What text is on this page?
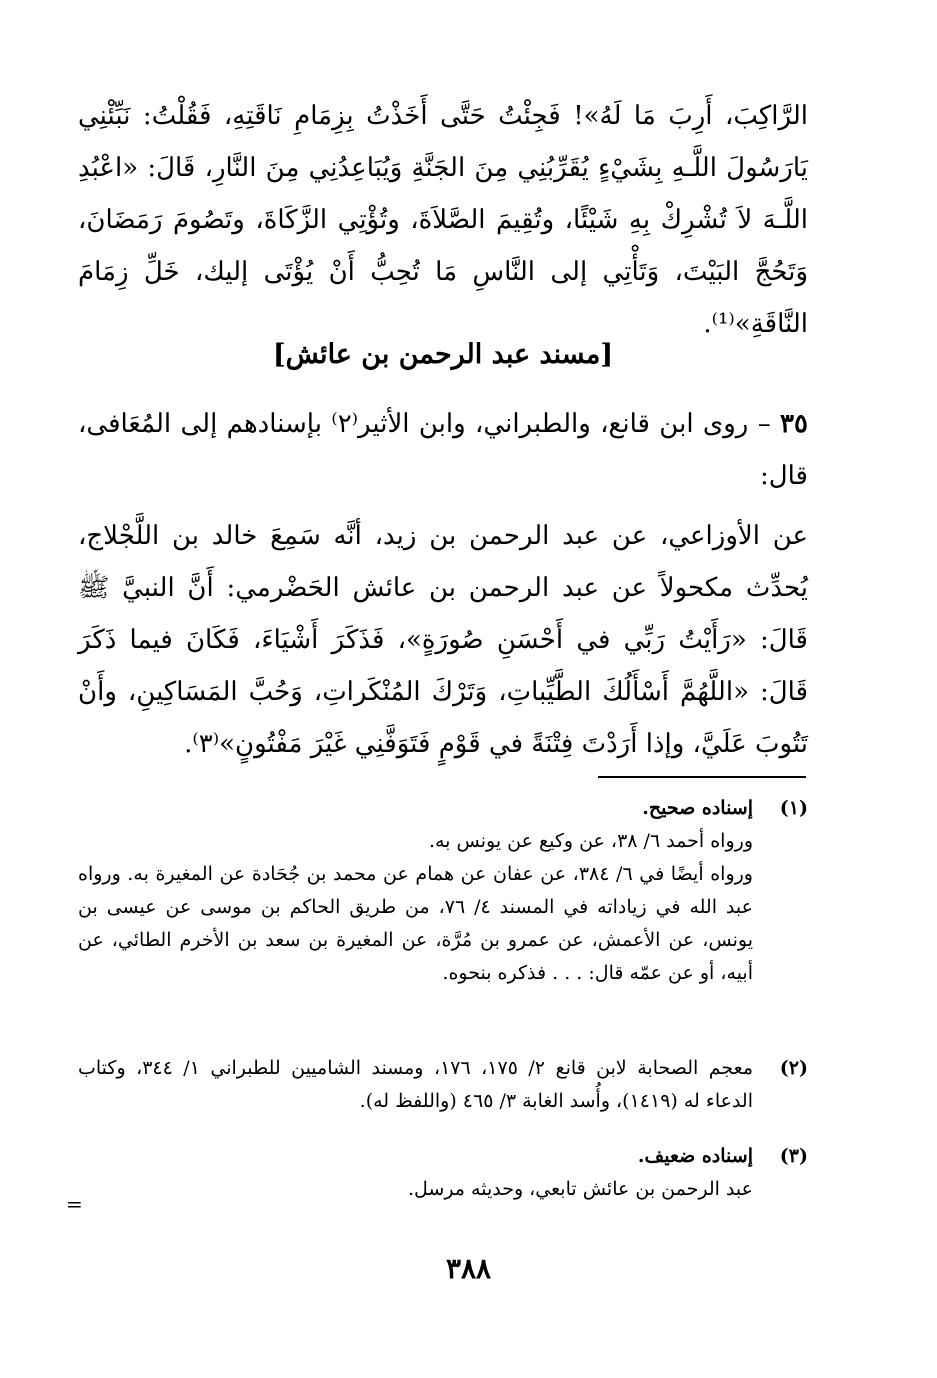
الرَّاكِبَ، أَرِبَ مَا لَهُ»! فَجِئْتُ حَتَّى أَخَذْتُ بِزِمَامِ نَاقَتِهِ، فَقُلْتُ: نَبِّئْنِي يَارَسُولَ اللَّـهِ بِشَيْءٍ يُقَرِّبُنِي مِنَ الجَنَّةِ وَيُبَاعِدُنِي مِنَ النَّارِ، قَالَ: «اعْبُدِ اللَّـهَ لاَ تُشْرِكْ بِهِ شَيْئًا، وتُقِيمَ الصَّلاَةَ، وتُؤْتِي الزَّكَاةَ، وتَصُومَ رَمَضَانَ، وَتَحُجَّ البَيْتَ، وَتَأْتِي إلى النَّاسِ مَا تُحِبُّ أَنْ يُؤْتَى إليك، خَلِّ زِمَامَ النَّاقَةِ»⁽¹⁾.

[مسند عبد الرحمن بن عائش]

٣٥ – روى ابن قانع، والطبراني، وابن الأثير⁽٢⁾ بإسنادهم إلى المُعَافى، قال:

عن الأوزاعي، عن عبد الرحمن بن زيد، أنَّه سَمِعَ خالد بن اللَّجْلاج، يُحدِّث مكحولاً عن عبد الرحمن بن عائش الحَضْرمي: أَنَّ النبيَّ ﷺ قَالَ: «رَأَيْتُ رَبِّي في أَحْسَنِ صُورَةٍ»، فَذَكَرَ أَشْيَاءَ، فَكَانَ فيما ذَكَرَ قَالَ: «اللَّهُمَّ أَسْأَلُكَ الطَّيِّباتِ، وَتَرْكَ المُنْكَراتِ، وَحُبَّ المَسَاكِينِ، وأَنْ تَتُوبَ عَلَيَّ، وإذا أَرَدْتَ فِتْنَةً في قَوْمٍ فَتَوَفَّنِي غَيْرَ مَفْتُونٍ»⁽٣⁾.

(١)
إسناده صحيح.
ورواه أحمد ٦/ ٣٨، عن وكيع عن يونس به.
ورواه أيضًا في ٦/ ٣٨٤، عن عفان عن همام عن محمد بن جُحَادة عن المغيرة به. ورواه عبد الله في زياداته في المسند ٤/ ٧٦، من طريق الحاكم بن موسى عن عيسى بن يونس، عن الأعمش، عن عمرو بن مُرَّة، عن المغيرة بن سعد بن الأخرم الطائي، عن أبيه، أو عن عمّه قال: . . . فذكره بنحوه.
(٢)
معجم الصحابة لابن قانع ٢/ ١٧٥، ١٧٦، ومسند الشاميين للطبراني ١/ ٣٤٤، وكتاب الدعاء له (١٤١٩)، وأُسد الغابة ٣/ ٤٦٥ (واللفظ له).
(٣)
إسناده ضعيف.
عبد الرحمن بن عائش تابعي، وحديثه مرسل.
=
٣٨٨
